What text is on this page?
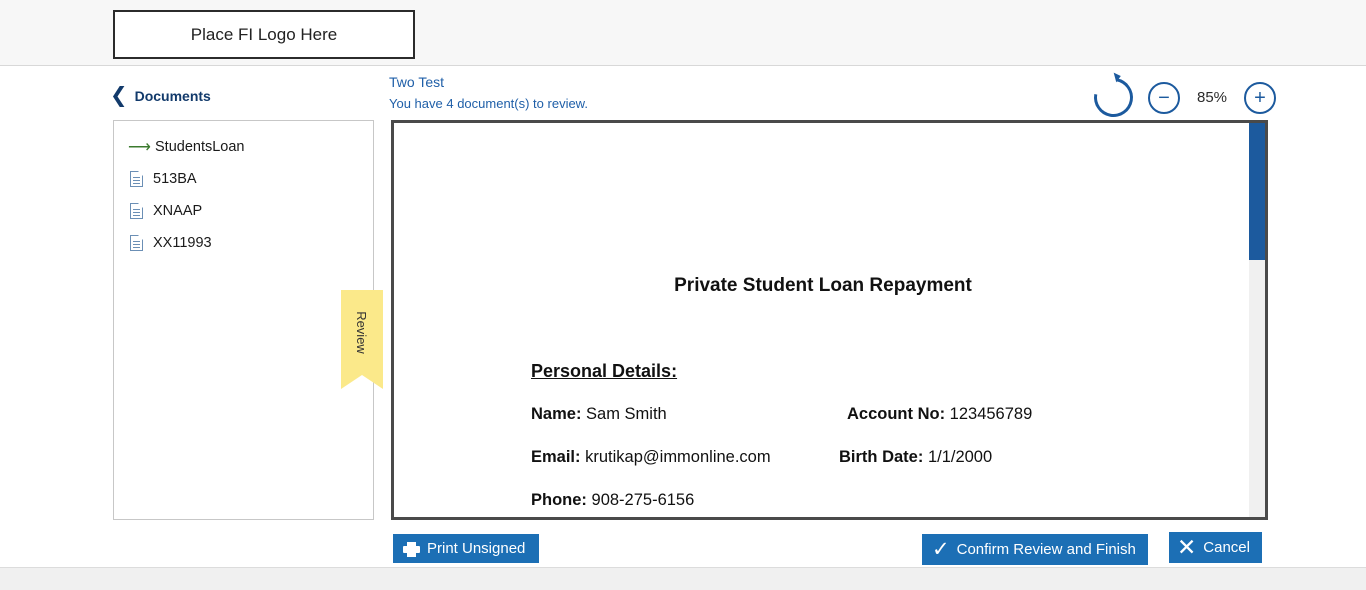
Place FI Logo Here
❮ Documents
Two Test
You have 4 document(s) to review.	− 85% +
⟶ StudentsLoan
513BA
XNAAP
XX11993
Review
Private Student Loan Repayment
Personal Details:
Name: Sam Smith	Account No: 123456789
Email: krutikap@immonline.com	Birth Date: 1/1/2000
Phone: 908-275-6156
Print Unsigned	✓ Confirm Review and Finish ✕ Cancel
